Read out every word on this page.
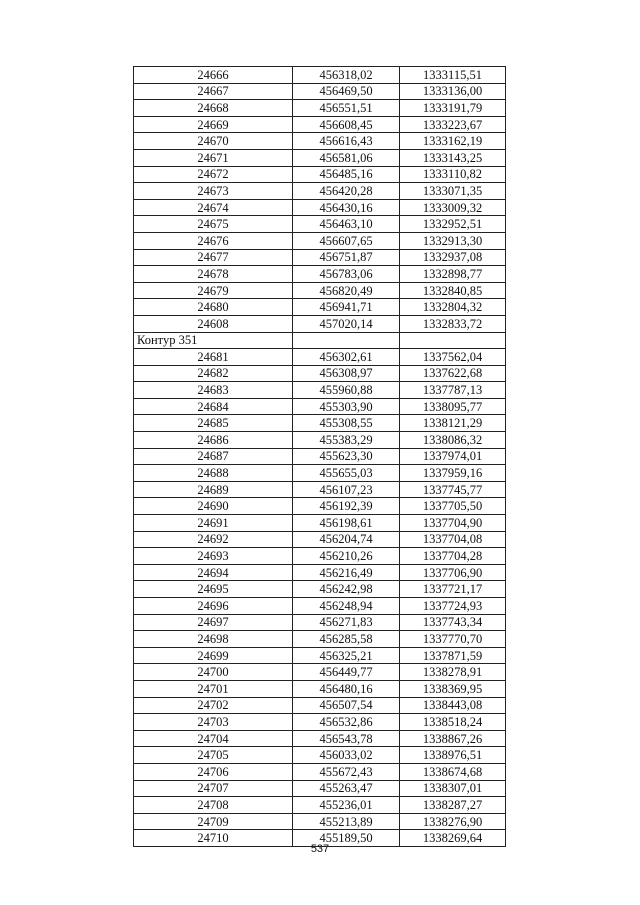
24666	456318,02	1333115,51
24667	456469,50	1333136,00
24668	456551,51	1333191,79
24669	456608,45	1333223,67
24670	456616,43	1333162,19
24671	456581,06	1333143,25
24672	456485,16	1333110,82
24673	456420,28	1333071,35
24674	456430,16	1333009,32
24675	456463,10	1332952,51
24676	456607,65	1332913,30
24677	456751,87	1332937,08
24678	456783,06	1332898,77
24679	456820,49	1332840,85
24680	456941,71	1332804,32
24608	457020,14	1332833,72
Контур 351		
24681	456302,61	1337562,04
24682	456308,97	1337622,68
24683	455960,88	1337787,13
24684	455303,90	1338095,77
24685	455308,55	1338121,29
24686	455383,29	1338086,32
24687	455623,30	1337974,01
24688	455655,03	1337959,16
24689	456107,23	1337745,77
24690	456192,39	1337705,50
24691	456198,61	1337704,90
24692	456204,74	1337704,08
24693	456210,26	1337704,28
24694	456216,49	1337706,90
24695	456242,98	1337721,17
24696	456248,94	1337724,93
24697	456271,83	1337743,34
24698	456285,58	1337770,70
24699	456325,21	1337871,59
24700	456449,77	1338278,91
24701	456480,16	1338369,95
24702	456507,54	1338443,08
24703	456532,86	1338518,24
24704	456543,78	1338867,26
24705	456033,02	1338976,51
24706	455672,43	1338674,68
24707	455263,47	1338307,01
24708	455236,01	1338287,27
24709	455213,89	1338276,90
24710	455189,50	1338269,64
537
